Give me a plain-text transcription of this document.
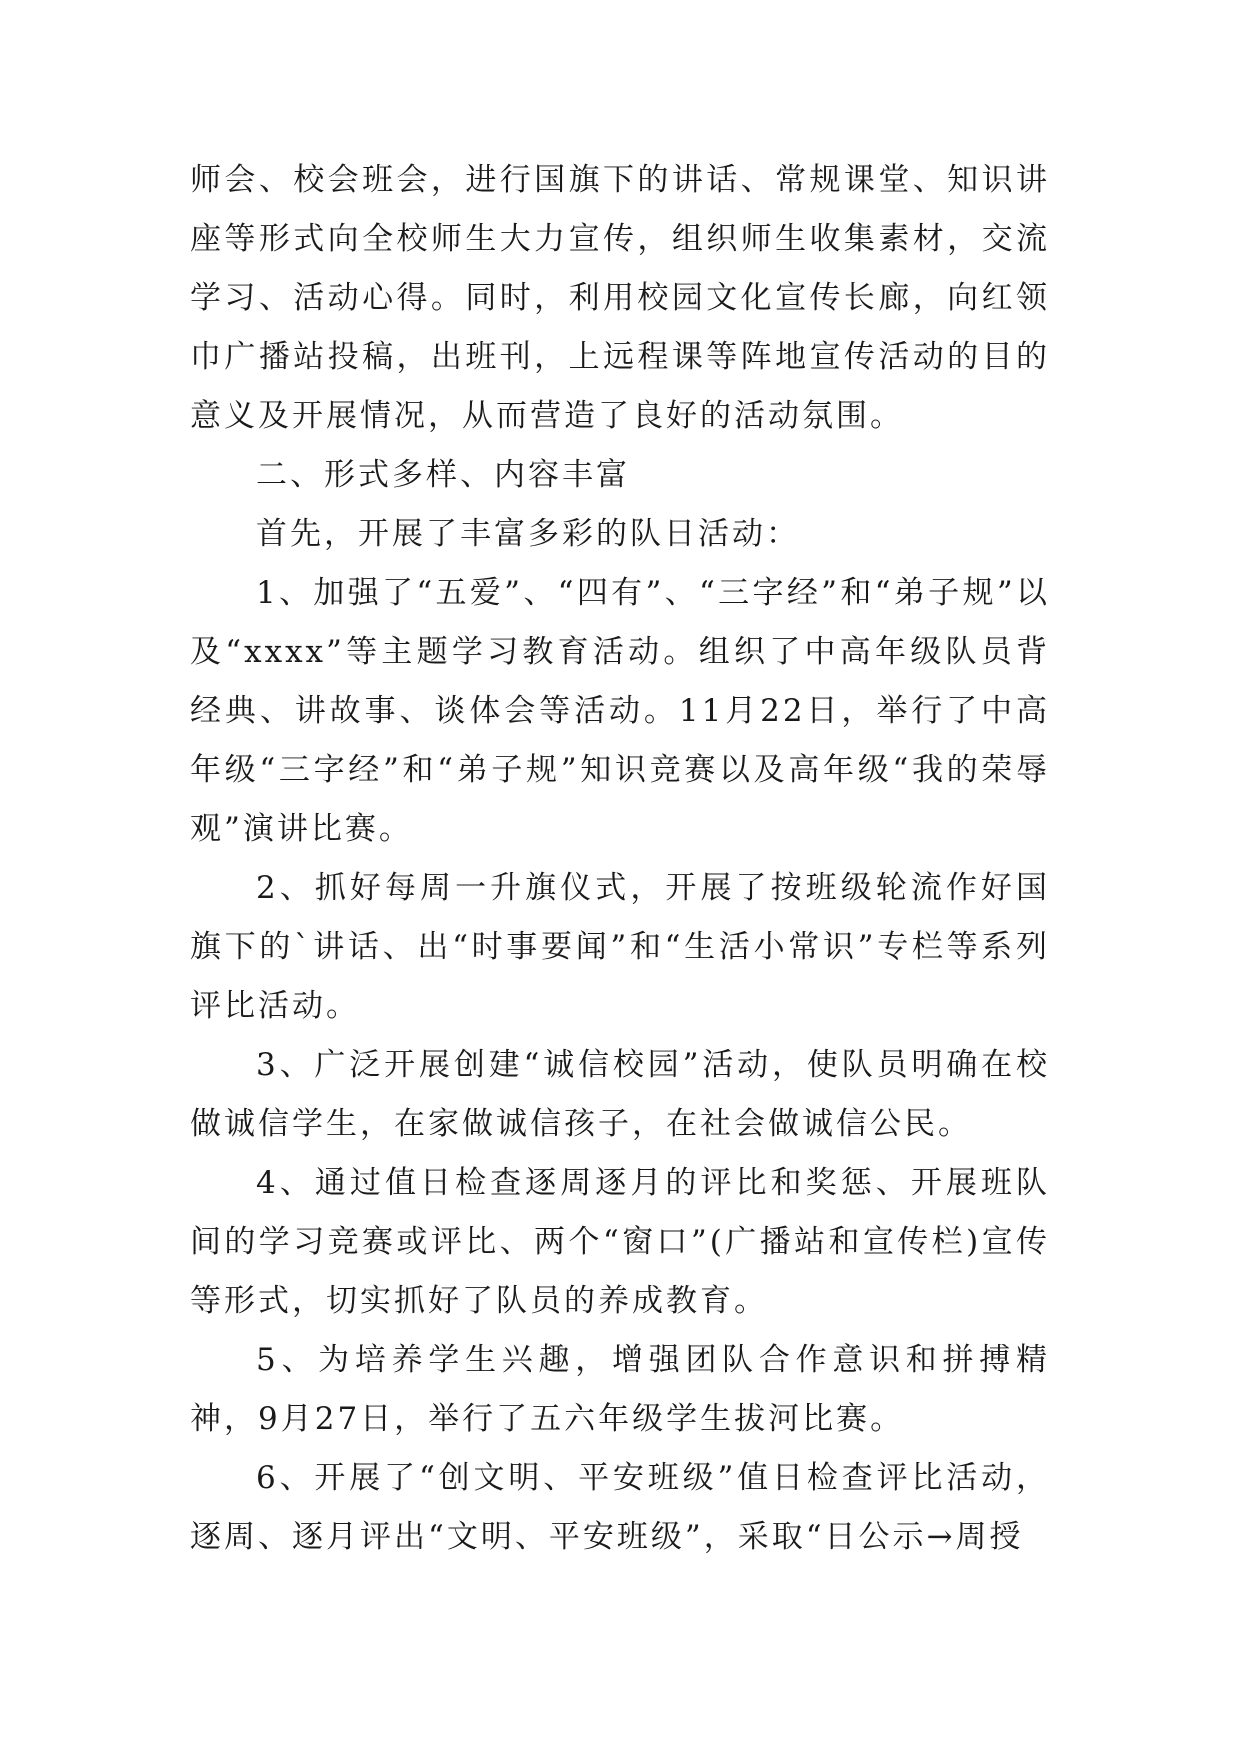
师会、校会班会，进行国旗下的讲话、常规课堂、知识讲座等形式向全校师生大力宣传，组织师生收集素材，交流学习、活动心得。同时，利用校园文化宣传长廊，向红领巾广播站投稿，出班刊，上远程课等阵地宣传活动的目的意义及开展情况，从而营造了良好的活动氛围。

二、形式多样、内容丰富

首先，开展了丰富多彩的队日活动：

1、加强了“五爱”、“四有”、“三字经”和“弟子规”以及“xxxx”等主题学习教育活动。组织了中高年级队员背经典、讲故事、谈体会等活动。11月22日，举行了中高年级“三字经”和“弟子规”知识竞赛以及高年级“我的荣辱观”演讲比赛。

2、抓好每周一升旗仪式，开展了按班级轮流作好国旗下的`讲话、出“时事要闻”和“生活小常识”专栏等系列评比活动。

3、广泛开展创建“诚信校园”活动，使队员明确在校做诚信学生，在家做诚信孩子，在社会做诚信公民。

4、通过值日检查逐周逐月的评比和奖惩、开展班队间的学习竞赛或评比、两个“窗口”(广播站和宣传栏)宣传等形式，切实抓好了队员的养成教育。

5、为培养学生兴趣，增强团队合作意识和拼搏精神，9月27日，举行了五六年级学生拔河比赛。

6、开展了“创文明、平安班级”值日检查评比活动，逐周、逐月评出“文明、平安班级”，采取“日公示→周授
